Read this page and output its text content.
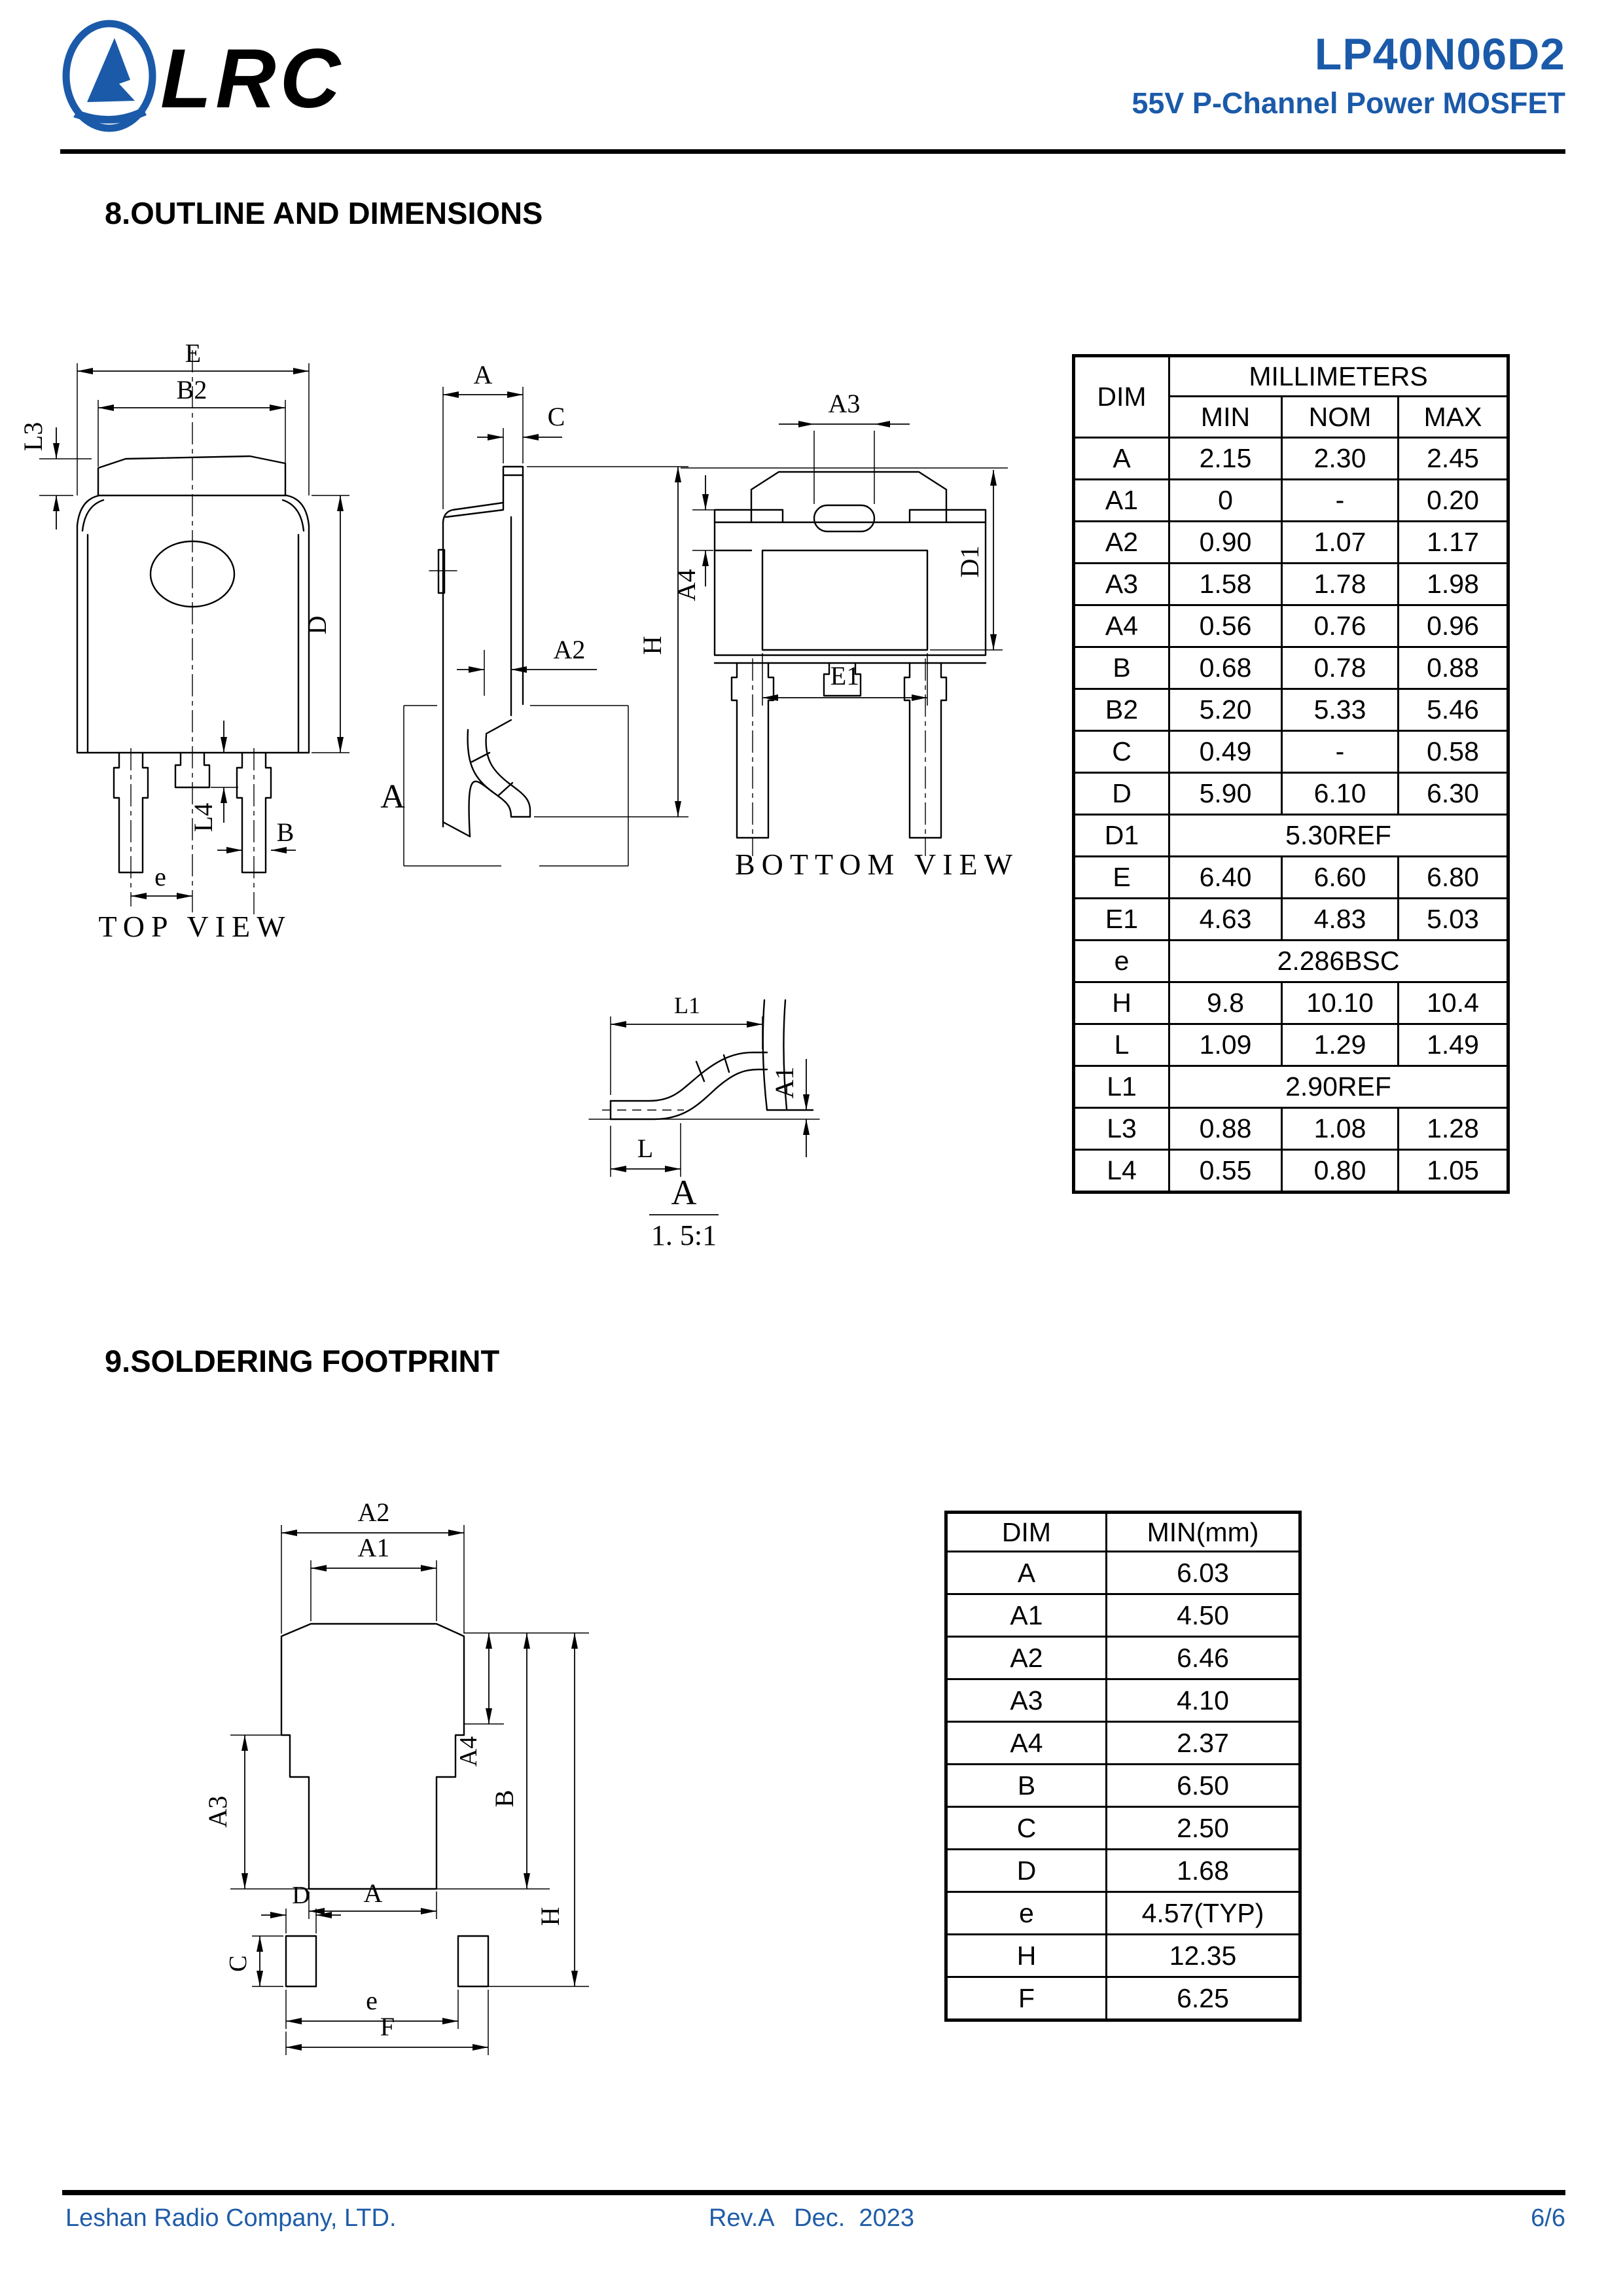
LRC	LP40N06D2
55V P-Channel Power MOSFET
8.OUTLINE AND DIMENSIONS
E
B2
L3
D
L4 B
e
TOP VIEW
A
C
A2 H
A
A3
A4
D1
E1
BOTTOM VIEW
L1
A1
L
A
1. 5:1
DIM	MILLIMETERS		
	MIN	NOM	MAX
A	2.15	2.30	2.45
A1	0	-	0.20
A2	0.90	1.07	1.17
A3	1.58	1.78	1.98
A4	0.56	0.76	0.96
B	0.68	0.78	0.88
B2	5.20	5.33	5.46
C	0.49	-	0.58
D	5.90	6.10	6.30
D1	5.30REF		
E	6.40	6.60	6.80
E1	4.63	4.83	5.03
e	2.286BSC		
H	9.8	10.10	10.4
L	1.09	1.29	1.49
L1	2.90REF		
L3	0.88	1.08	1.28
L4	0.55	0.80	1.05
9.SOLDERING FOOTPRINT
A2
A1
A3
A4
B
H
A
D
C
e
F
DIM	MIN(mm)
A	6.03
A1	4.50
A2	6.46
A3	4.10
A4	2.37
B	6.50
C	2.50
D	1.68
e	4.57(TYP)
H	12.35
F	6.25
Leshan Radio Company, LTD.	Rev.A   Dec.  2023	6/6
